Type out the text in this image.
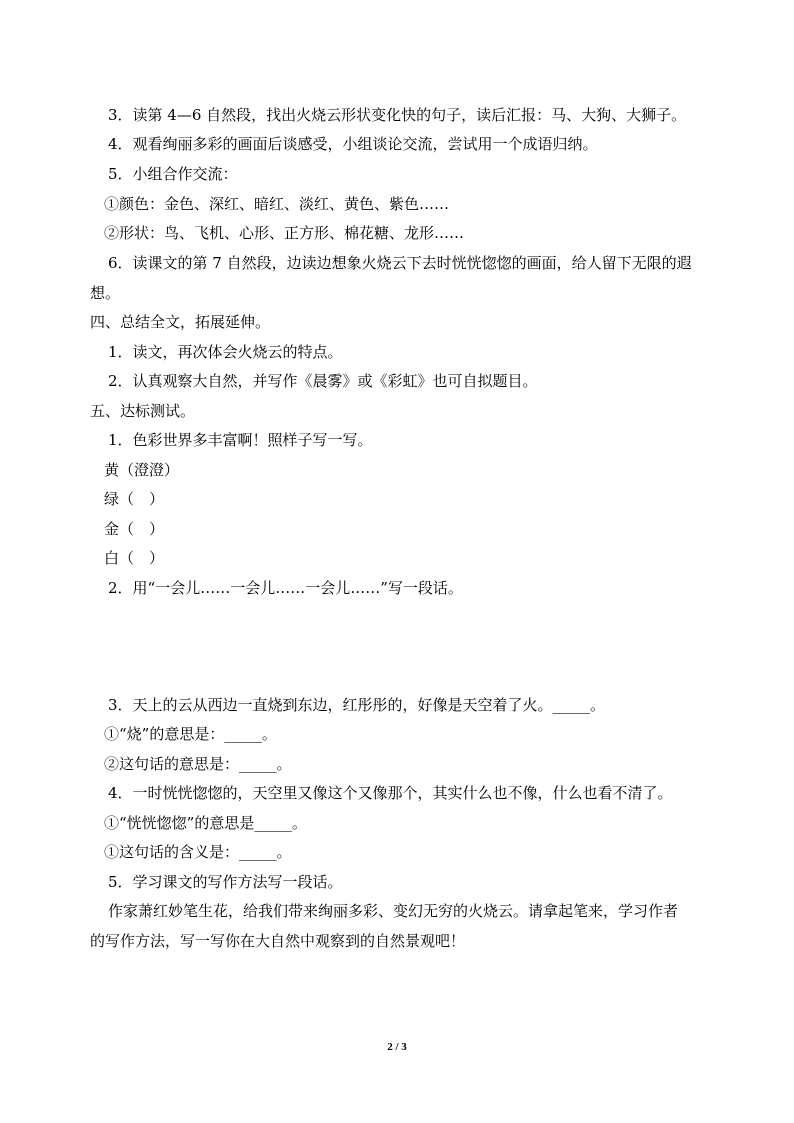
3．读第 4—6 自然段，找出火烧云形状变化快的句子，读后汇报：马、大狗、大狮子。
4．观看绚丽多彩的画面后谈感受，小组谈论交流，尝试用一个成语归纳。
5．小组合作交流：
①颜色：金色、深红、暗红、淡红、黄色、紫色……
②形状：鸟、飞机、心形、正方形、棉花糖、龙形……
6．读课文的第 7 自然段，边读边想象火烧云下去时恍恍惚惚的画面，给人留下无限的遐
想。
四、总结全文，拓展延伸。
1．读文，再次体会火烧云的特点。
2．认真观察大自然，并写作《晨雾》或《彩虹》也可自拟题目。
五、达标测试。
1．色彩世界多丰富啊！照样子写一写。
黄（澄澄）
绿（　）
金（　）
白（　）
2．用“一会儿……一会儿……一会儿……”写一段话。
3．天上的云从西边一直烧到东边，红彤彤的，好像是天空着了火。_____。
①“烧”的意思是：_____。
②这句话的意思是：_____。
4．一时恍恍惚惚的，天空里又像这个又像那个，其实什么也不像，什么也看不清了。
①“恍恍惚惚”的意思是_____。
①这句话的含义是：_____。
5．学习课文的写作方法写一段话。
作家萧红妙笔生花，给我们带来绚丽多彩、变幻无穷的火烧云。请拿起笔来，学习作者
的写作方法，写一写你在大自然中观察到的自然景观吧！
2 / 3
